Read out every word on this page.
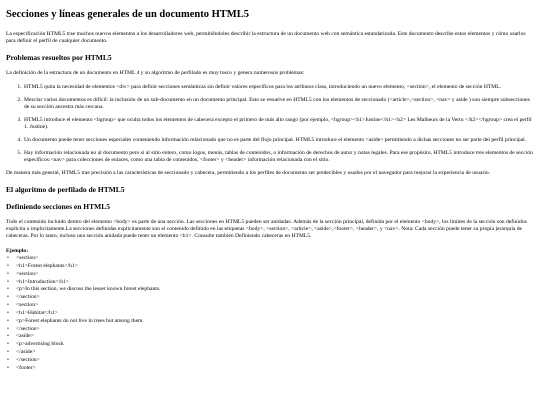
Secciones y líneas generales de un documento HTML5

La especificación HTML5 trae muchos nuevos elementos a los desarrolladores web, permitiéndoles describir la estructura de un documento web con semántica estandarizada. Este documento describe estos elementos y cómo usarlos para definir el perfil de cualquier documento.

Problemas resueltos por HTML5

La definición de la estructura de un documento en HTML 4 y su algoritmo de perfilado es muy tosco y genera numerosos problemas:

1. HTML5 quita la necesidad de elementos <div> para definir secciones semánticas sin definir valores específicos para los atributos class, introduciendo un nuevo elemento, <section>, el elemento de sección HTML.
2. Mezclar varios documentos es difícil: la inclusión de un sub-documento en un documento principal. Esto se resuelve en HTML5 con los elementos de seccionado (<article>,<section>, <nav> y aside ) son siempre subsecciones de su sección ancestra más cercana.
3. HTML5 introduce el elemento <hgroup> que oculta todos los elementos de cabecera excepto el primero de más alto rango (por ejemplo, <hgroup><h1>Justine</h1><h2> Les Malheurs de la Vertu </h2></hgroup> crea el perfil 1. Justine).
4. Un documento puede tener secciones especiales conteniendo información relacionado que no es parte del flujo principal. HTML5 introduce el elemento <aside> permitiendo a dichas secciones no ser parte del perfil principal.
5. Hay información relacionada no al documento pero si al sitio entero, como logos, menús, tablas de contenidos, o información de derechos de autor y notas legales. Para ese propósito, HTML5 introduce tres elementos de sección específicos:<nav> para colecciones de enlaces, como una tabla de contenidos, <footer> y <header> información relacionada con el sitio.

De manera más general, HTML5 trae precisión a las características de seccionado y cabecera, permitiendo a los perfiles de documento ser predecibles y usados por el navegador para mejorar la experiencia de usuario.

El algoritmo de perfilado de HTML5
Definiendo secciones en HTML5

Todo el contenido incluido dentro del elemento <body> es parte de una sección. Las secciones en HTML5 pueden ser anidadas. Además de la sección principal, definida por el elemento <body>, los límites de la sección son definidos explícita o implícitamente.La secciones definidas explícitamente son el contenido definido en las etiquetas <body>, <section>, <article>, <aside>,<footer>, <header>, y <nav>. Nota: Cada sección puede tener su propia jerarquía de cabeceras. Por lo tanto, incluso una sección anidada puede tener un elemento <h1>. Consulte también Definiendo cabeceras en HTML5.

Ejemplo:
• <section>
• <h1>Forest elephants</h1>
• <section>
• <h1>Introduction</h1>
• <p>In this section, we discuss the lesser known forest elephants.
• </section>
• <section>
• <h1>Habitat</h1>
• <p>Forest elephants do not live in trees but among them.
• </section>
• <aside>
• <p>advertising block
• </aside>
• </section>
• <footer>
